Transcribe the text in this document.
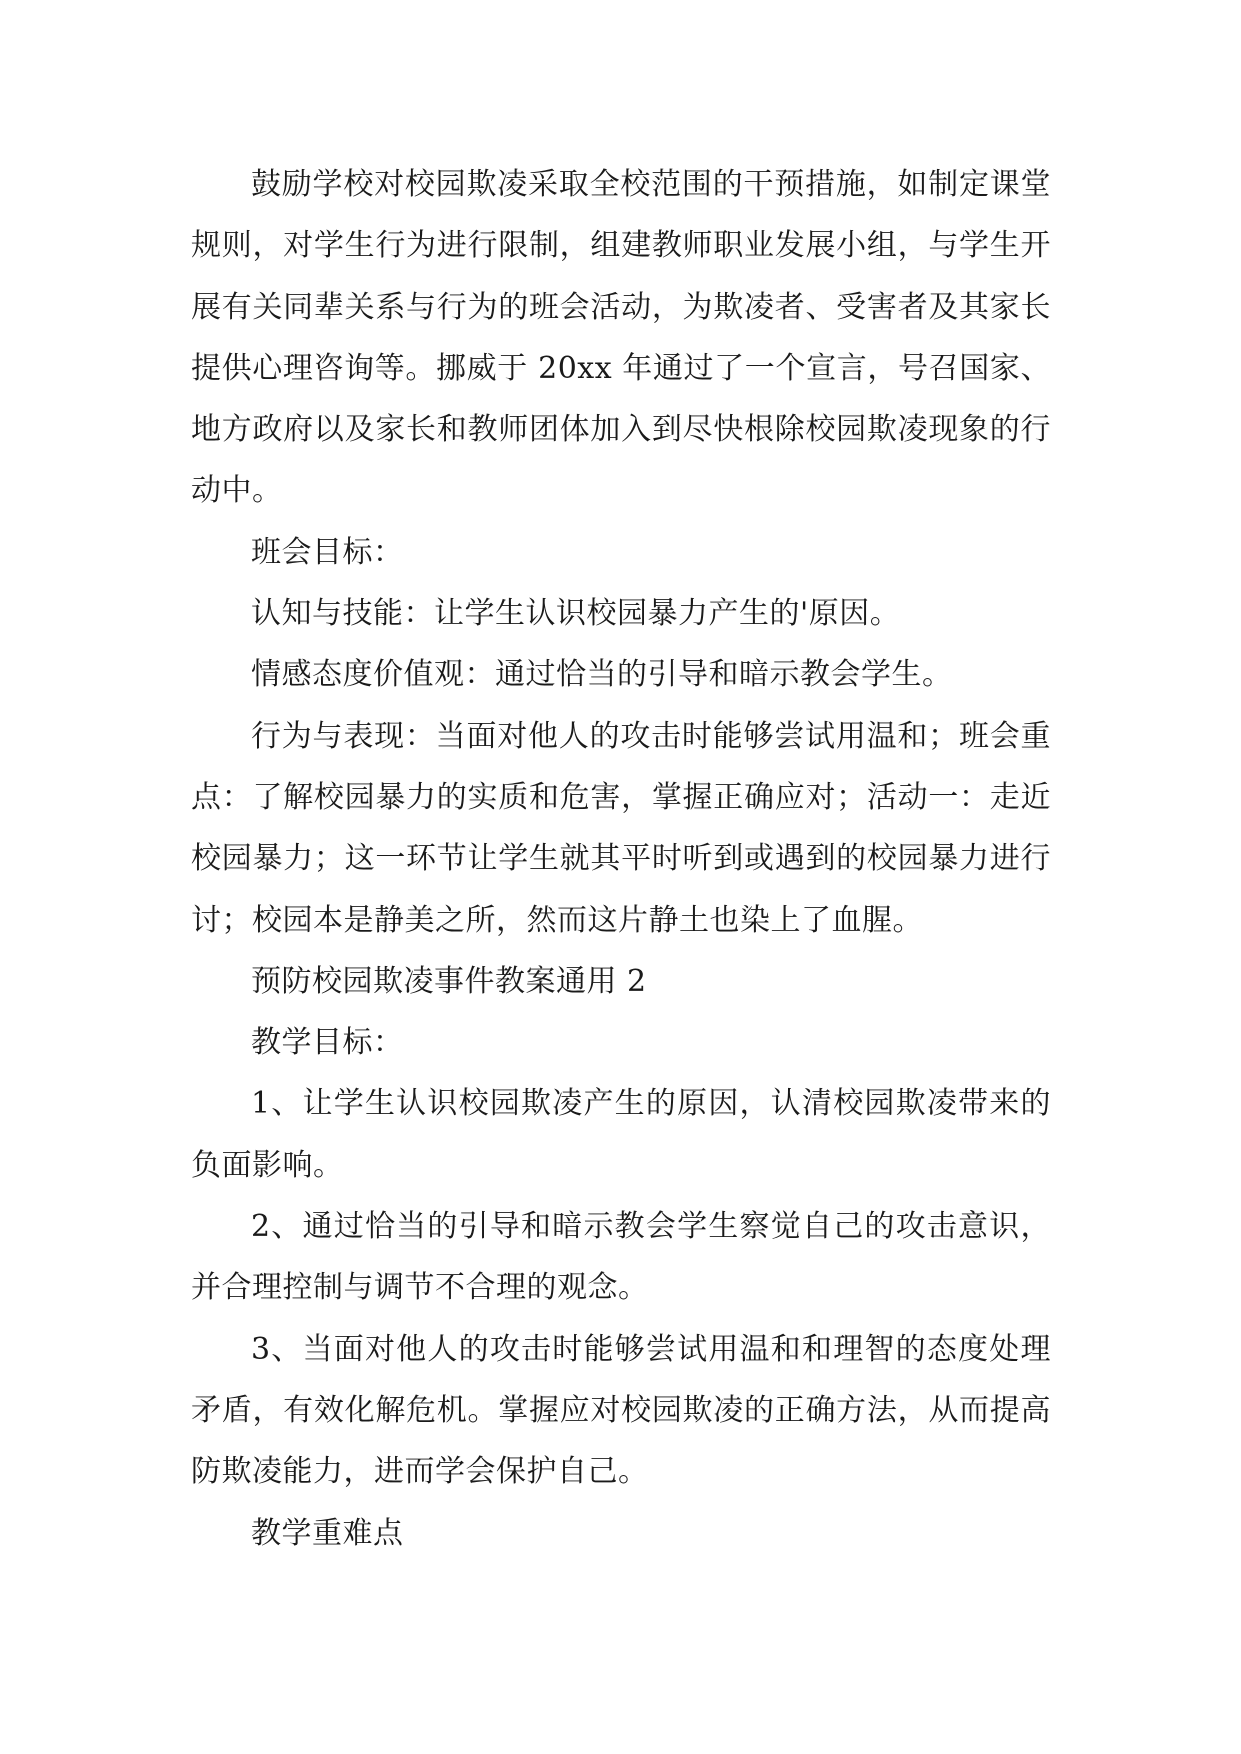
鼓励学校对校园欺凌采取全校范围的干预措施，如制定课堂规则，对学生行为进行限制，组建教师职业发展小组，与学生开展有关同辈关系与行为的班会活动，为欺凌者、受害者及其家长提供心理咨询等。挪威于 20xx 年通过了一个宣言，号召国家、地方政府以及家长和教师团体加入到尽快根除校园欺凌现象的行动中。

班会目标：

认知与技能：让学生认识校园暴力产生的'原因。

情感态度价值观：通过恰当的引导和暗示教会学生。

行为与表现：当面对他人的攻击时能够尝试用温和；班会重点：了解校园暴力的实质和危害，掌握正确应对；活动一：走近校园暴力；这一环节让学生就其平时听到或遇到的校园暴力进行讨；校园本是静美之所，然而这片静土也染上了血腥。

预防校园欺凌事件教案通用 2

教学目标：

1、让学生认识校园欺凌产生的原因，认清校园欺凌带来的负面影响。

2、通过恰当的引导和暗示教会学生察觉自己的攻击意识，并合理控制与调节不合理的观念。

3、当面对他人的攻击时能够尝试用温和和理智的态度处理矛盾，有效化解危机。掌握应对校园欺凌的正确方法，从而提高防欺凌能力，进而学会保护自己。

教学重难点
